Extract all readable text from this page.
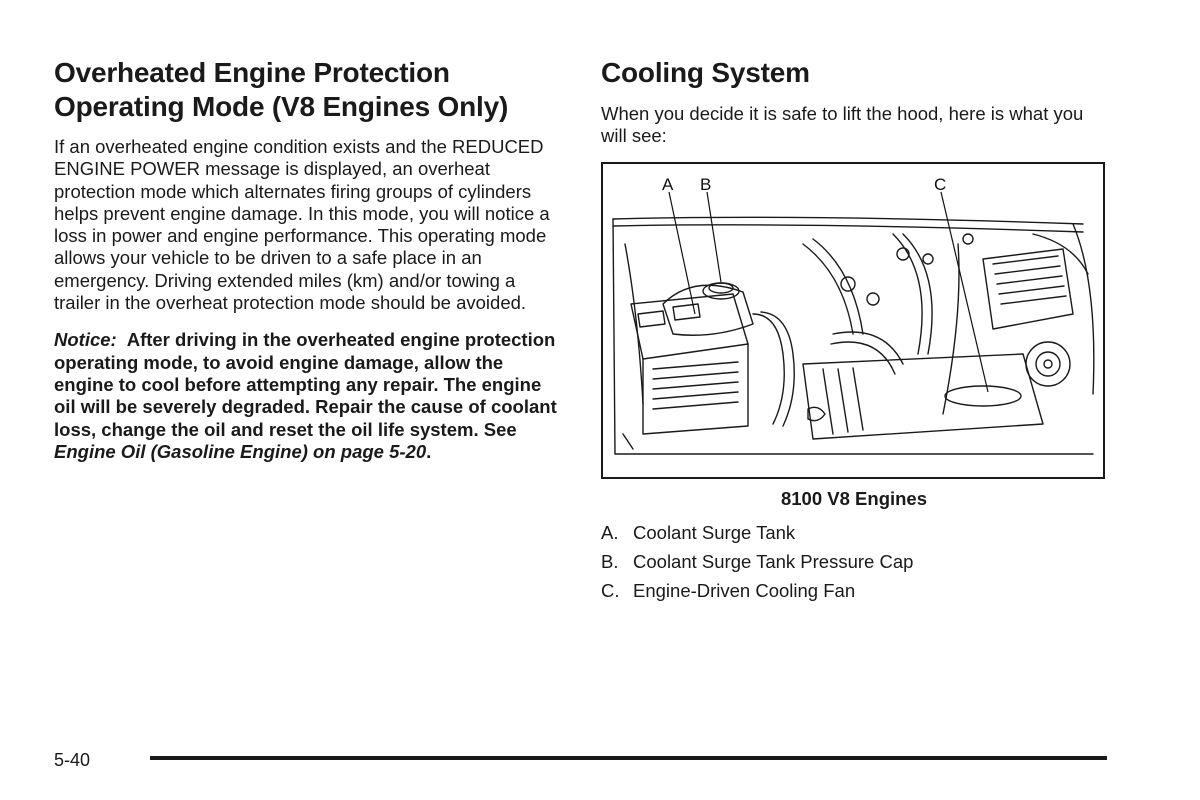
Overheated Engine Protection Operating Mode (V8 Engines Only)

If an overheated engine condition exists and the REDUCED ENGINE POWER message is displayed, an overheat protection mode which alternates firing groups of cylinders helps prevent engine damage. In this mode, you will notice a loss in power and engine performance. This operating mode allows your vehicle to be driven to a safe place in an emergency. Driving extended miles (km) and/or towing a trailer in the overheat protection mode should be avoided.

Notice: After driving in the overheated engine protection operating mode, to avoid engine damage, allow the engine to cool before attempting any repair. The engine oil will be severely degraded. Repair the cause of coolant loss, change the oil and reset the oil life system. See Engine Oil (Gasoline Engine) on page 5-20.

Cooling System

When you decide it is safe to lift the hood, here is what you will see:

A B	C
8100 V8 Engines
A. Coolant Surge Tank
B. Coolant Surge Tank Pressure Cap
C. Engine-Driven Cooling Fan
5-40
